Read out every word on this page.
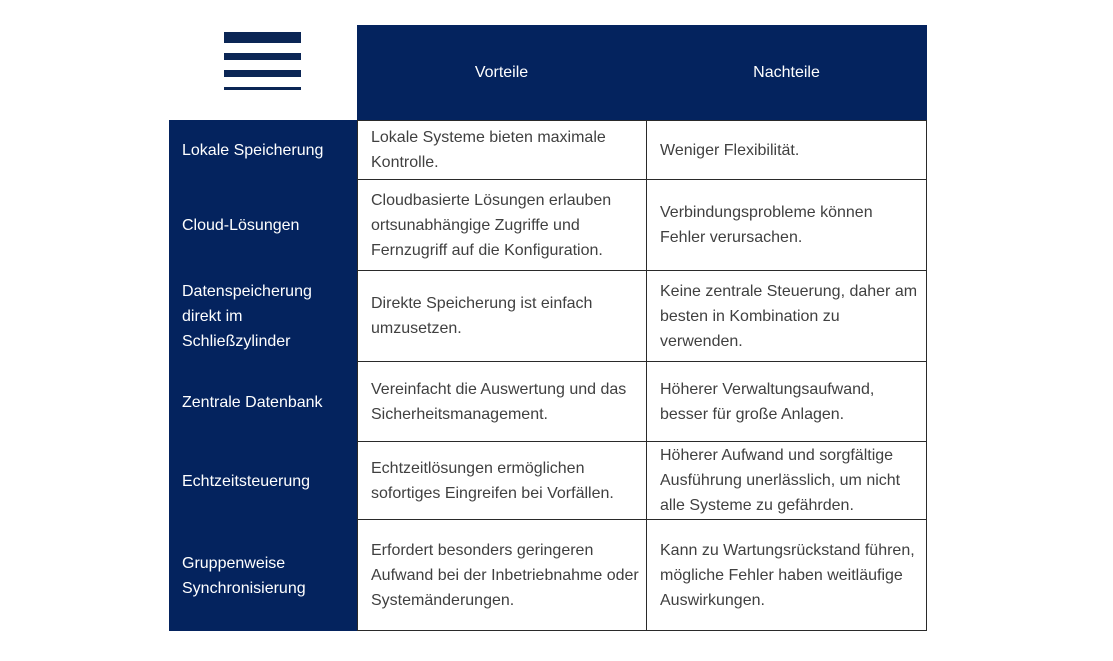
Vorteile	Nachteile
Lokale Speicherung
Lokale Systeme bieten maximale Kontrolle.
Weniger Flexibilität.
Cloud-Lösungen
Cloudbasierte Lösungen erlauben ortsunabhängige Zugriffe und Fernzugriff auf die Konfiguration.
Verbindungsprobleme können Fehler verursachen.
Datenspeicherung direkt im Schließzylinder
Direkte Speicherung ist einfach umzusetzen.
Keine zentrale Steuerung, daher am besten in Kombination zu verwenden.
Zentrale Datenbank
Vereinfacht die Auswertung und das Sicherheitsmanagement.
Höherer Verwaltungsaufwand, besser für große Anlagen.
Echtzeitsteuerung
Echtzeitlösungen ermöglichen sofortiges Eingreifen bei Vorfällen.
Höherer Aufwand und sorgfältige Ausführung unerlässlich, um nicht alle Systeme zu gefährden.
Gruppenweise Synchronisierung
Erfordert besonders geringeren Aufwand bei der Inbetriebnahme oder Systemänderungen.
Kann zu Wartungsrückstand führen, mögliche Fehler haben weitläufige Auswirkungen.
